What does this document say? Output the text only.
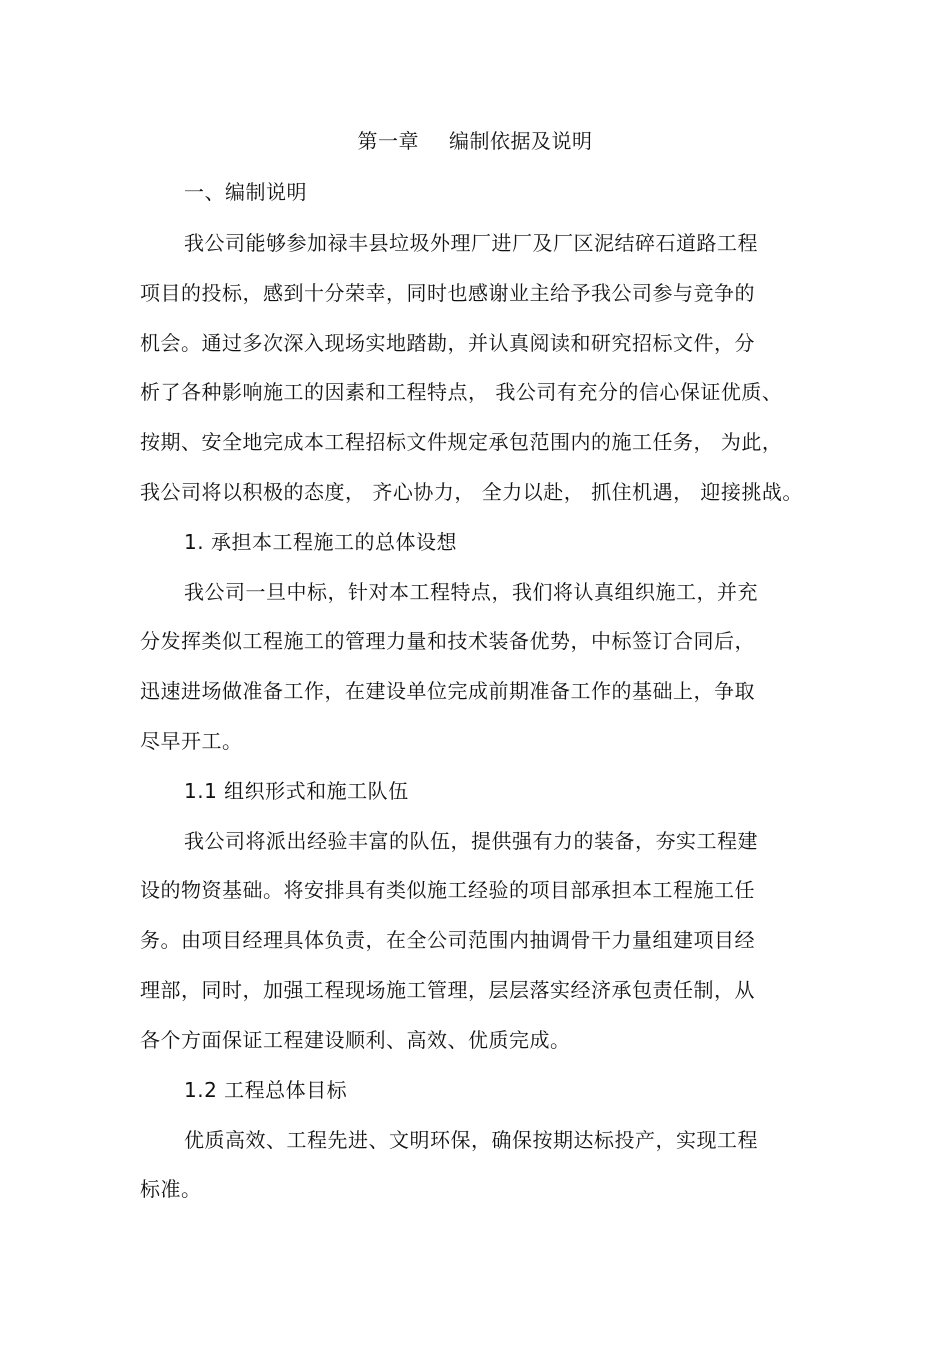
第一章 编制依据及说明
一、编制说明
我公司能够参加禄丰县垃圾外理厂进厂及厂区泥结碎石道路工程
项目的投标，感到十分荣幸，同时也感谢业主给予我公司参与竞争的
机会。通过多次深入现场实地踏勘，并认真阅读和研究招标文件，分
析了各种影响施工的因素和工程特点， 我公司有充分的信心保证优质、
按期、安全地完成本工程招标文件规定承包范围内的施工任务， 为此，
我公司将以积极的态度， 齐心协力， 全力以赴， 抓住机遇， 迎接挑战。
1. 承担本工程施工的总体设想
我公司一旦中标，针对本工程特点，我们将认真组织施工，并充
分发挥类似工程施工的管理力量和技术装备优势，中标签订合同后，
迅速进场做准备工作，在建设单位完成前期准备工作的基础上，争取
尽早开工。
1.1 组织形式和施工队伍
我公司将派出经验丰富的队伍，提供强有力的装备，夯实工程建
设的物资基础。将安排具有类似施工经验的项目部承担本工程施工任
务。由项目经理具体负责，在全公司范围内抽调骨干力量组建项目经
理部，同时，加强工程现场施工管理，层层落实经济承包责任制，从
各个方面保证工程建设顺利、高效、优质完成。
1.2 工程总体目标
优质高效、工程先进、文明环保，确保按期达标投产，实现工程
标准。
